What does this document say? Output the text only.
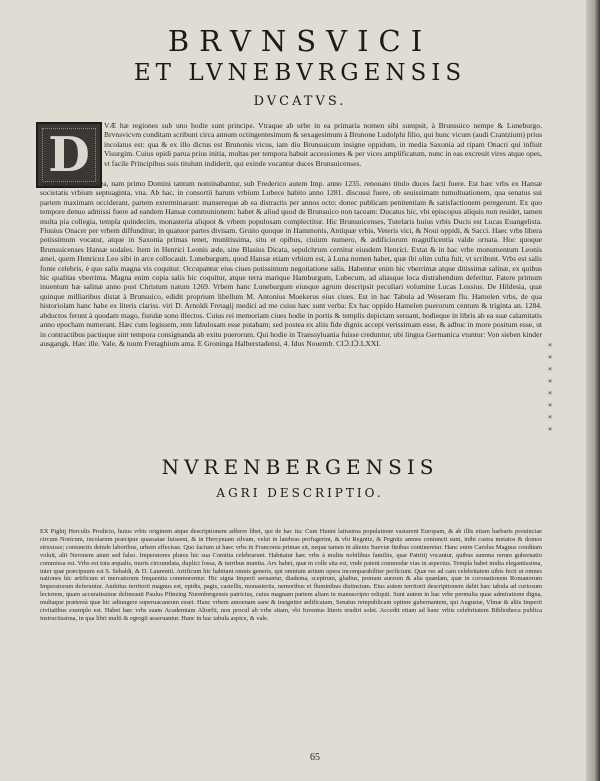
BRVNSVICI
ET LVNEBVRGENSIS
DVCATVS.
D

VÆ hæ regiones sub uno hodie sunt principe. Vtraque ab urbe in ea primaria nomen sibi sumpsit, à Brunsuico nempe & Luneburgo. Brvnsvicvm conditam scribunt circa annum octingentesimum & sexagesimum à Brunone Ludolphi filio, qui hunc vicum (audi Crantzium) prius incolatus est: qua & ex illo dictus est Brunonis vicus, iam diu Brunsuicum insigne oppidum, in media Saxonia ad ripam Onacri qui influit Visurgim. Cuius opidi parua prius initia, multas per tempora habuit accessiones & per vices amplificatum, nunc in eas excreuit vires atque opes, vt facile Principibus suis titulum indiderit, qui exinde vocantur duces Brunsuicenses.

Sed hoc longe postea, nam primo Domini tantum nominabantur, sub Frederico autem Imp. anno 1235. renouato titulo duces facti fuere. Est hæc vrbs ex Hansæ societatis vrbium septuaginta, vna. Ab hac, in consortii harum vrbium Lubece habito anno 1281. discussi fuere, ob seuissimam tumultuationem, qua senatus sui partem maximam occiderant, partem exterminarant: mansereque ab ea distractis per annos octo: donec publicam penitentiam & satisfactionem peregerunt. Ex quo tempore denuo admissi fuere ad eandem Hansæ communionem: habet & aliud quod de Brunsuico non taceam: Ducatus hic, vbi episcopus aliquis non residet, tamen multa pia collegia, templa quindecim, monasteria aliquot & vrbem populosam complectitur. Hic Brunsuicenses, Tutelaris huius vrbis Ducis est Lucas Euangelista. Fluuius Onacer per vrbem diffunditur, in quatuor partes divisam. Gruito quoque in Hammonis, Antiquæ vrbis, Veteris vici, & Noui oppidi, & Sacci. Haec vrbs libera potissimum vocatur, atque in Saxonia primas tenet, munitissima, situ et opibus, ciuium numero, & ædificiorum magnificentia valde ornata. Hoc quoque Brunsuicenses Hansæ sodales. Item in Henrici Leonis æde, sine Blasius Dicata, sepulchrum cernitur eiusdem Henrici. Extat & in hac vrbe monumentum Leonis ænei, quem Henricus Leo sibi in arce collocauit. Luneburgum, quod Hansæ etiam vrbium est, à Luna nomen habet, quæ ibi olim culta fuit, vt scribunt. Vrbs est salis fonte celebris, è quo salis magna vis coquitur. Occupantur eius ciues potissimum negotiatione salis. Habentur enim hic vberrimæ atque ditissimæ salinæ, ex quibus hic qualitas vberrima. Magna enim copia salis hic coquitur, atque terra marique Hamburgum, Lubecum, ad aliasque loca distrahendum deferitur. Fatere primum inuentum hæ salinæ anno post Christum natum 1269. Vrbem hanc Luneburgum eiusque agrum descripsit peculiari volumine Lucas Lossius. De Hildesia, quæ quinque milliaribus distat à Brunsuico, edidit proprium libellum M. Antonius Moekerus eius ciues. Est in hac Tabula ad Weseram flu. Hamelen vrbs, de qua historiolam hanc habe ex literis clariss. viri D. Arnoldi Fretagij medici ad me cuius hæc sunt verba: Ex hac oppido Hamelen puerorum centum & triginta an. 1284. abductos ferunt à quodam mago, fistulæ sono illectos. Cuius rei memoriam ciues hodie in portis & templis depictam seruant, hodieque in libris ab ea suæ calamitatis anno epocham numerant. Hæc cum legissem, rem fabulosam esse putabam; sed postea ex aliis fide dignis accepi verissimam esse, & adhuc in more positum esse, ut in contractibus pactisque sint tempora consignanda ab exitu puerorum. Qui hodie in Transsyluania fuisse creduntur, ubi lingua Germanica vtuntur: Von sieben kinder ausgangk. Hæc ille. Vale, & tuum Fretaghium ama. E Groninga Halberstadensi, 4. Idus Nouemb. CIↃ.IↃ.LXXI.	«
«
«
«
«
«
«
«
NVRENBERGENSIS
AGRI DESCRIPTIO.

EX Pighij Herculis Prodicio, huius vrbis originem atque descriptionem adferre libet, qui de hac ita: Cum Hunni latissima populatione vastarent Europam, & ab illis etiam barbaris prouinciae circum Noricum, incolarum præcipue quassatae fuissent, & in Hercyniam silvam, velut in latebras profugerint, & vbi Regnitz, & Pegnitz amnes coniuncti sunt, inibi castra metatos & domos struxisse; coniunctis deinde laboribus, urbem effecisse. Quo factum ut haec vrbs in Franconia primae sit, neque tamen in alienis Sueviæ finibus contineretur. Hanc enim Carolus Magnus conditam voluit, alii Neronem aiunt sed falso. Imperatores plures hic sua Comitia celebrarunt. Habitatur hæc vrbs à multis nobilibus familiis, quæ Patritij vocantur, quibus summa rerum gubernatio commissa est. Vrbs est tota æqualis, muris circumdata, duplici fossa, & turribus munita. Arx habet, quæ in colle sita est, vnde patent commodæ vias in aspectus. Templa habet multa elegantissima, inter quæ præcipuum est S. Sebaldi, & D. Laurentii. Artificum hic habitant omnis generis, qui omnium artium opera incomparabiliter perficiunt. Quæ res ad cam celebritatem uibis fecit ut omnes nationes hic artificum et mercatorum frequentia commorentur. Hic signa Imperii seruantur, diadema, sceptrum, gladius, pomum aureum & alia quædam, quæ in coronationem Romanorum Imperatorum deferuntur. Ambitus territorii magnus est, opidis, pagis, castellis, monasteriis, nemoribus et fluminibus distinctum. Eius autem territorii descriptionem dabit hæc tabula ad curiosum lectorem, quam accuratissime delineauit Paulus Pfinzing Nurenbergensis patricius, cuius magnam partem aliam in manuscripto reliquit. Sunt autem in hac vrbe permulta quae admiratione digna, multaque prætereà quæ hic adiungere superuacaneum esset. Hanc vrbem amoenam sane & insigniter ædificatam, Senatus rempublicam optime gubernantem, qui Augustæ, Vlmæ & aliis Imperii civitatibus exemplo est. Habet hæc vrbs suam Academiam Altorfii, non procul ab vrbe sitam, vbi Iuventus literis erudiri solet. Accedit etiam ad hanc vrbis celebritatem Bibliotheca publica instructissima, in qua libri multi & egregii asseruantur. Hanc in hac tabula aspice, & vale.

65
